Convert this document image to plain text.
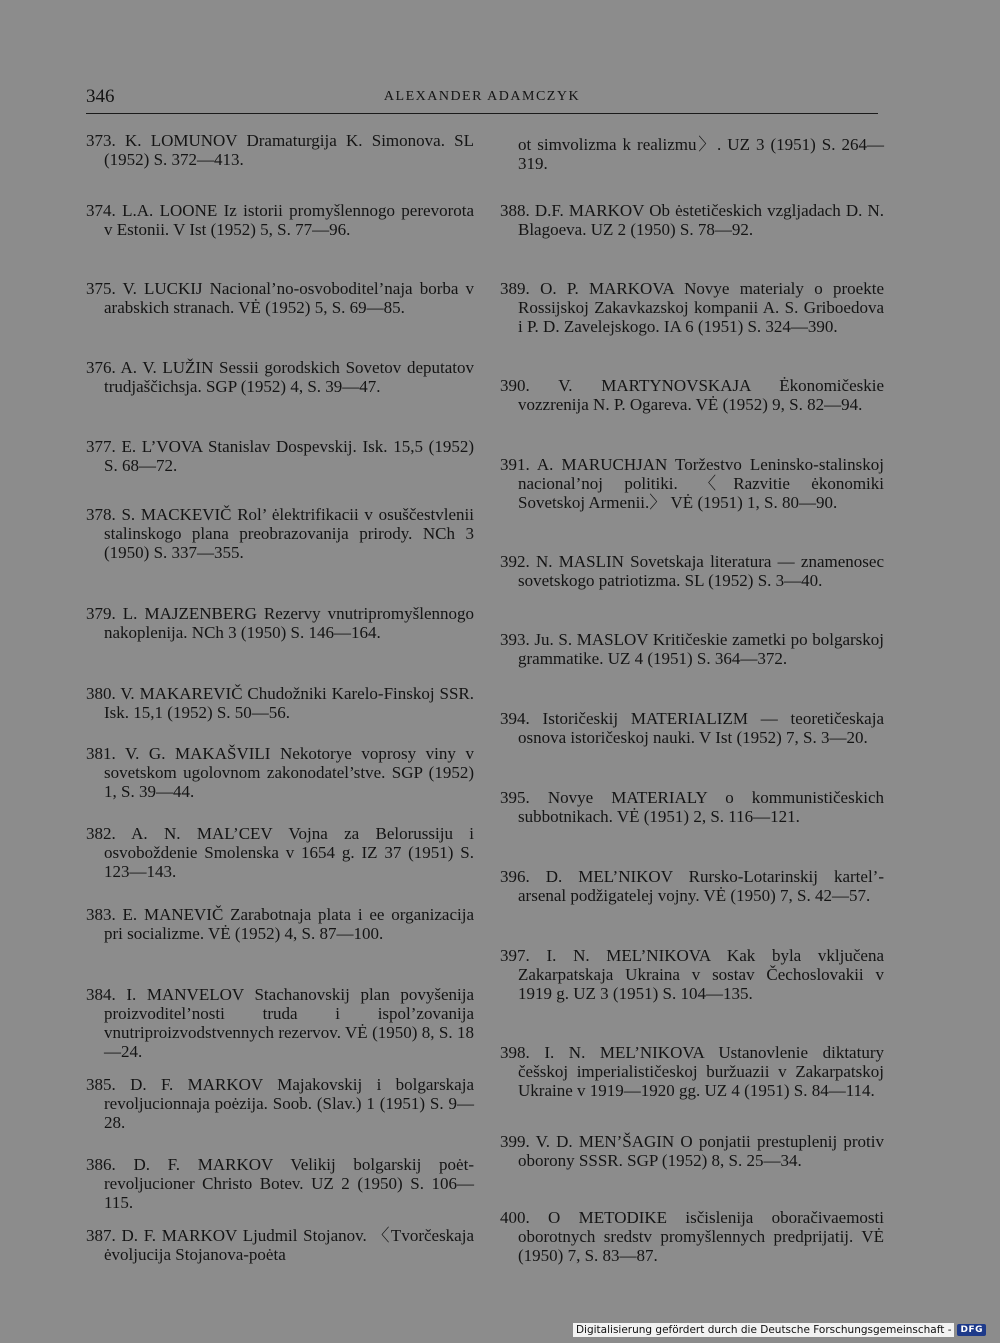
346	ALEXANDER ADAMCZYK
373. K. LOMUNOV Dramaturgija K. Simonova. SL (1952) S. 372—413.
374. L.A. LOONE Iz istorii promyšlennogo perevorota v Estonii. V Ist (1952) 5, S. 77—96.
375. V. LUCKIJ Nacional’no-osvoboditel’naja borba v arabskich stranach. VĖ (1952) 5, S. 69—85.
376. A. V. LUŽIN Sessii gorodskich Sovetov deputatov trudjaščichsja. SGP (1952) 4, S. 39—47.
377. E. L’VOVA Stanislav Dospevskij. Isk. 15,5 (1952) S. 68—72.
378. S. MACKEVIČ Rol’ ėlektrifikacii v osuščestvlenii stalinskogo plana preobrazovanija prirody. NCh 3 (1950) S. 337—355.
379. L. MAJZENBERG Rezervy vnutripromyšlennogo nakoplenija. NCh 3 (1950) S. 146—164.
380. V. MAKAREVIČ Chudožniki Karelo-Finskoj SSR. Isk. 15,1 (1952) S. 50—56.
381. V. G. MAKAŠVILI Nekotorye voprosy viny v sovetskom ugolovnom zakonodatel’stve. SGP (1952) 1, S. 39—44.
382. A. N. MAL’CEV Vojna za Belorussiju i osvoboždenie Smolenska v 1654 g. IZ 37 (1951) S. 123—143.
383. E. MANEVIČ Zarabotnaja plata i ee organizacija pri socializme. VĖ (1952) 4, S. 87—100.
384. I. MANVELOV Stachanovskij plan povyšenija proizvoditel’nosti truda i ispol’zovanija vnutriproizvodstvennych rezervov. VĖ (1950) 8, S. 18—24.
385. D. F. MARKOV Majakovskij i bolgarskaja revoljucionnaja poėzija. Soob. (Slav.) 1 (1951) S. 9—28.
386. D. F. MARKOV Velikij bolgarskij poėt-revoljucioner Christo Botev. UZ 2 (1950) S. 106—115.
387. D. F. MARKOV Ljudmil Stojanov. 〈Tvorčeskaja ėvoljucija Stojanova-poėta
ot simvolizma k realizmu〉. UZ 3 (1951) S. 264—319.
388. D.F. MARKOV Ob ėstetičeskich vzgljadach D. N. Blagoeva. UZ 2 (1950) S. 78—92.
389. O. P. MARKOVA Novye materialy o proekte Rossijskoj Zakavkazskoj kompanii A. S. Griboedova i P. D. Zavelejskogo. IA 6 (1951) S. 324—390.
390. V. MARTYNOVSKAJA Ėkonomičeskie vozzrenija N. P. Ogareva. VĖ (1952) 9, S. 82—94.
391. A. MARUCHJAN Toržestvo Leninsko-stalinskoj nacional’noj politiki. 〈Razvitie ėkonomiki Sovetskoj Armenii.〉 VĖ (1951) 1, S. 80—90.
392. N. MASLIN Sovetskaja literatura — znamenosec sovetskogo patriotizma. SL (1952) S. 3—40.
393. Ju. S. MASLOV Kritičeskie zametki po bolgarskoj grammatike. UZ 4 (1951) S. 364—372.
394. Istoričeskij MATERIALIZM — teoretičeskaja osnova istoričeskoj nauki. V Ist (1952) 7, S. 3—20.
395. Novye MATERIALY o kommunističeskich subbotnikach. VĖ (1951) 2, S. 116—121.
396. D. MEL’NIKOV Rursko-Lotarinskij kartel’-arsenal podžigatelej vojny. VĖ (1950) 7, S. 42—57.
397. I. N. MEL’NIKOVA Kak byla vključena Zakarpatskaja Ukraina v sostav Čechoslovakii v 1919 g. UZ 3 (1951) S. 104—135.
398. I. N. MEL’NIKOVA Ustanovlenie diktatury češskoj imperialističeskoj buržuazii v Zakarpatskoj Ukraine v 1919—1920 gg. UZ 4 (1951) S. 84—114.
399. V. D. MEN’ŠAGIN O ponjatii prestuplenij protiv oborony SSSR. SGP (1952) 8, S. 25—34.
400. O METODIKE isčislenija oboračivaemosti oborotnych sredstv promyšlennych predprijatij. VĖ (1950) 7, S. 83—87.
Digitalisierung gefördert durch die Deutsche Forschungsgemeinschaft -	DFG
